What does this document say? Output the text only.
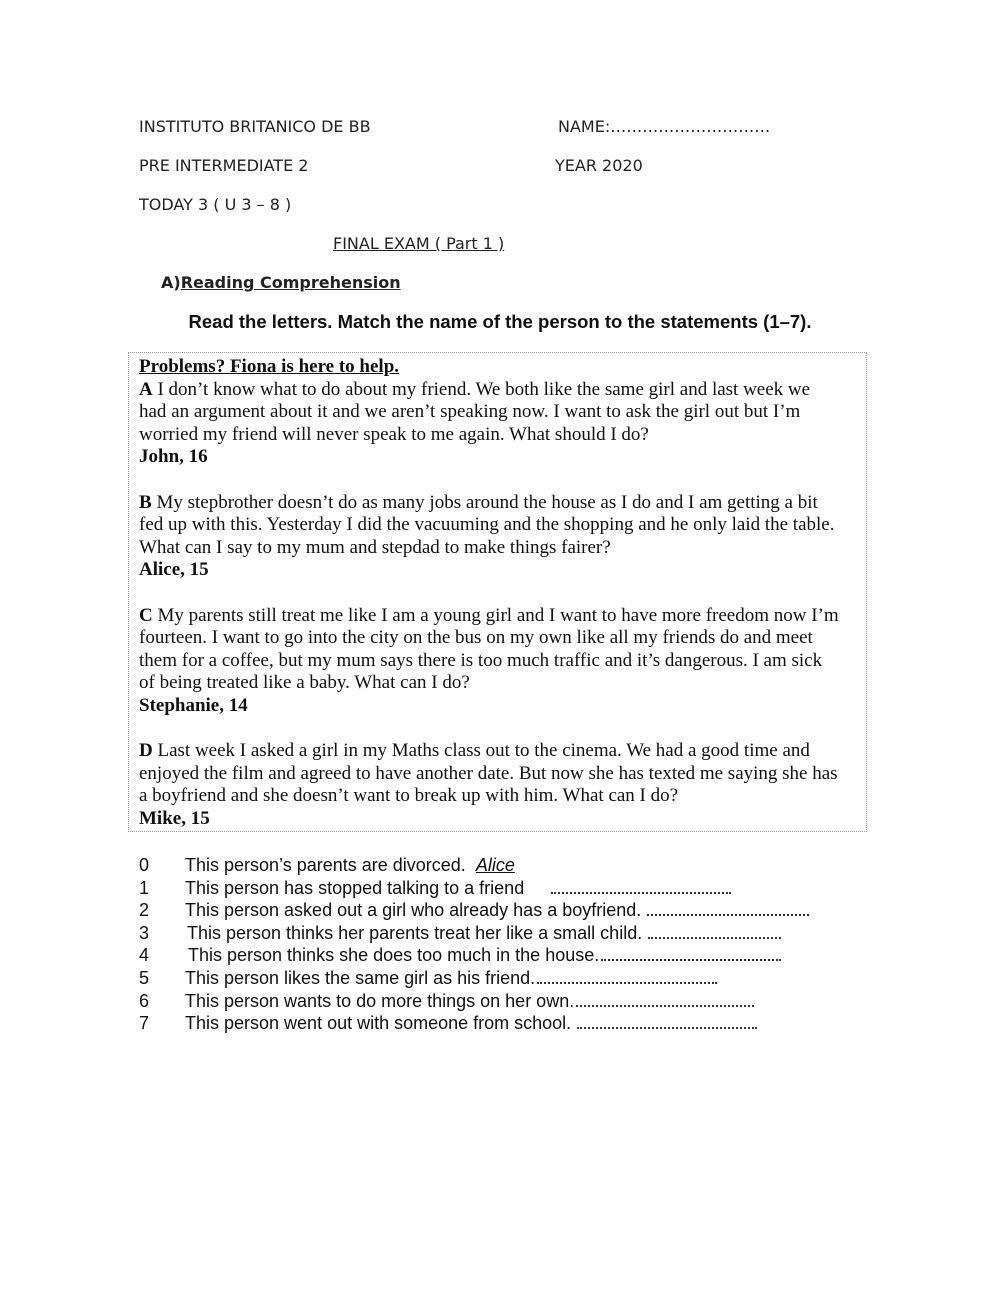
INSTITUTO BRITANICO DE BB	NAME:…………………………
PRE INTERMEDIATE 2	YEAR 2020
TODAY 3 ( U 3 – 8 )
FINAL EXAM ( Part 1 )
A)Reading Comprehension
Read the letters. Match the name of the person to the statements (1–7).

Problems? Fiona is here to help.

A I don’t know what to do about my friend. We both like the same girl and last week we

had an argument about it and we aren’t speaking now. I want to ask the girl out but I’m

worried my friend will never speak to me again. What should I do?

John, 16

B My stepbrother doesn’t do as many jobs around the house as I do and I am getting a bit

fed up with this. Yesterday I did the vacuuming and the shopping and he only laid the table.

What can I say to my mum and stepdad to make things fairer?

Alice, 15

C My parents still treat me like I am a young girl and I want to have more freedom now I’m

fourteen. I want to go into the city on the bus on my own like all my friends do and meet

them for a coffee, but my mum says there is too much traffic and it’s dangerous. I am sick

of being treated like a baby. What can I do?

Stephanie, 14

D Last week I asked a girl in my Maths class out to the cinema. We had a good time and

enjoyed the film and agreed to have another date. But now she has texted me saying she has

a boyfriend and she doesn’t want to break up with him. What can I do?

Mike, 15

0	This person’s parents are divorced. Alice
1	This person has stopped talking to a friend
2	This person asked out a girl who already has a boyfriend.
3	This person thinks her parents treat her like a small child.
4	This person thinks she does too much in the house.
5	This person likes the same girl as his friend.
6	This person wants to do more things on her own.
7	This person went out with someone from school.
